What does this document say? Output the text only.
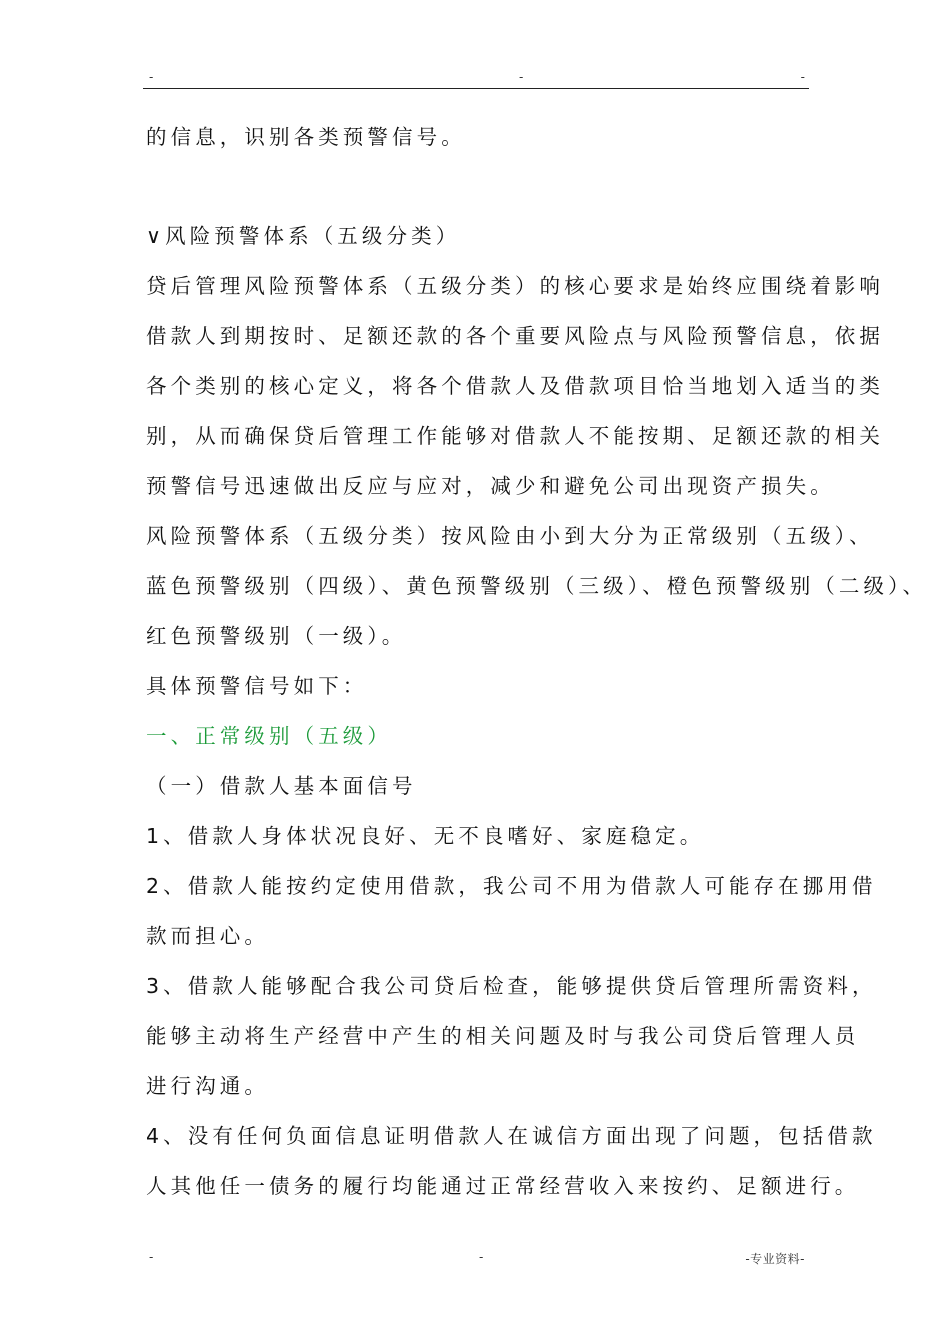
-	-	-
的信息，识别各类预警信号。
∨风险预警体系（五级分类）
贷后管理风险预警体系（五级分类）的核心要求是始终应围绕着影响
借款人到期按时、足额还款的各个重要风险点与风险预警信息，依据
各个类别的核心定义，将各个借款人及借款项目恰当地划入适当的类
别，从而确保贷后管理工作能够对借款人不能按期、足额还款的相关
预警信号迅速做出反应与应对，减少和避免公司出现资产损失。
风险预警体系（五级分类）按风险由小到大分为正常级别（五级）、
蓝色预警级别（四级）、黄色预警级别（三级）、橙色预警级别（二级）、
红色预警级别（一级）。
具体预警信号如下：
一、正常级别（五级）
（一）借款人基本面信号
1、借款人身体状况良好、无不良嗜好、家庭稳定。
2、借款人能按约定使用借款，我公司不用为借款人可能存在挪用借
款而担心。
3、借款人能够配合我公司贷后检查，能够提供贷后管理所需资料，
能够主动将生产经营中产生的相关问题及时与我公司贷后管理人员
进行沟通。
4、没有任何负面信息证明借款人在诚信方面出现了问题，包括借款
人其他任一债务的履行均能通过正常经营收入来按约、足额进行。
-	-	-专业资料-
